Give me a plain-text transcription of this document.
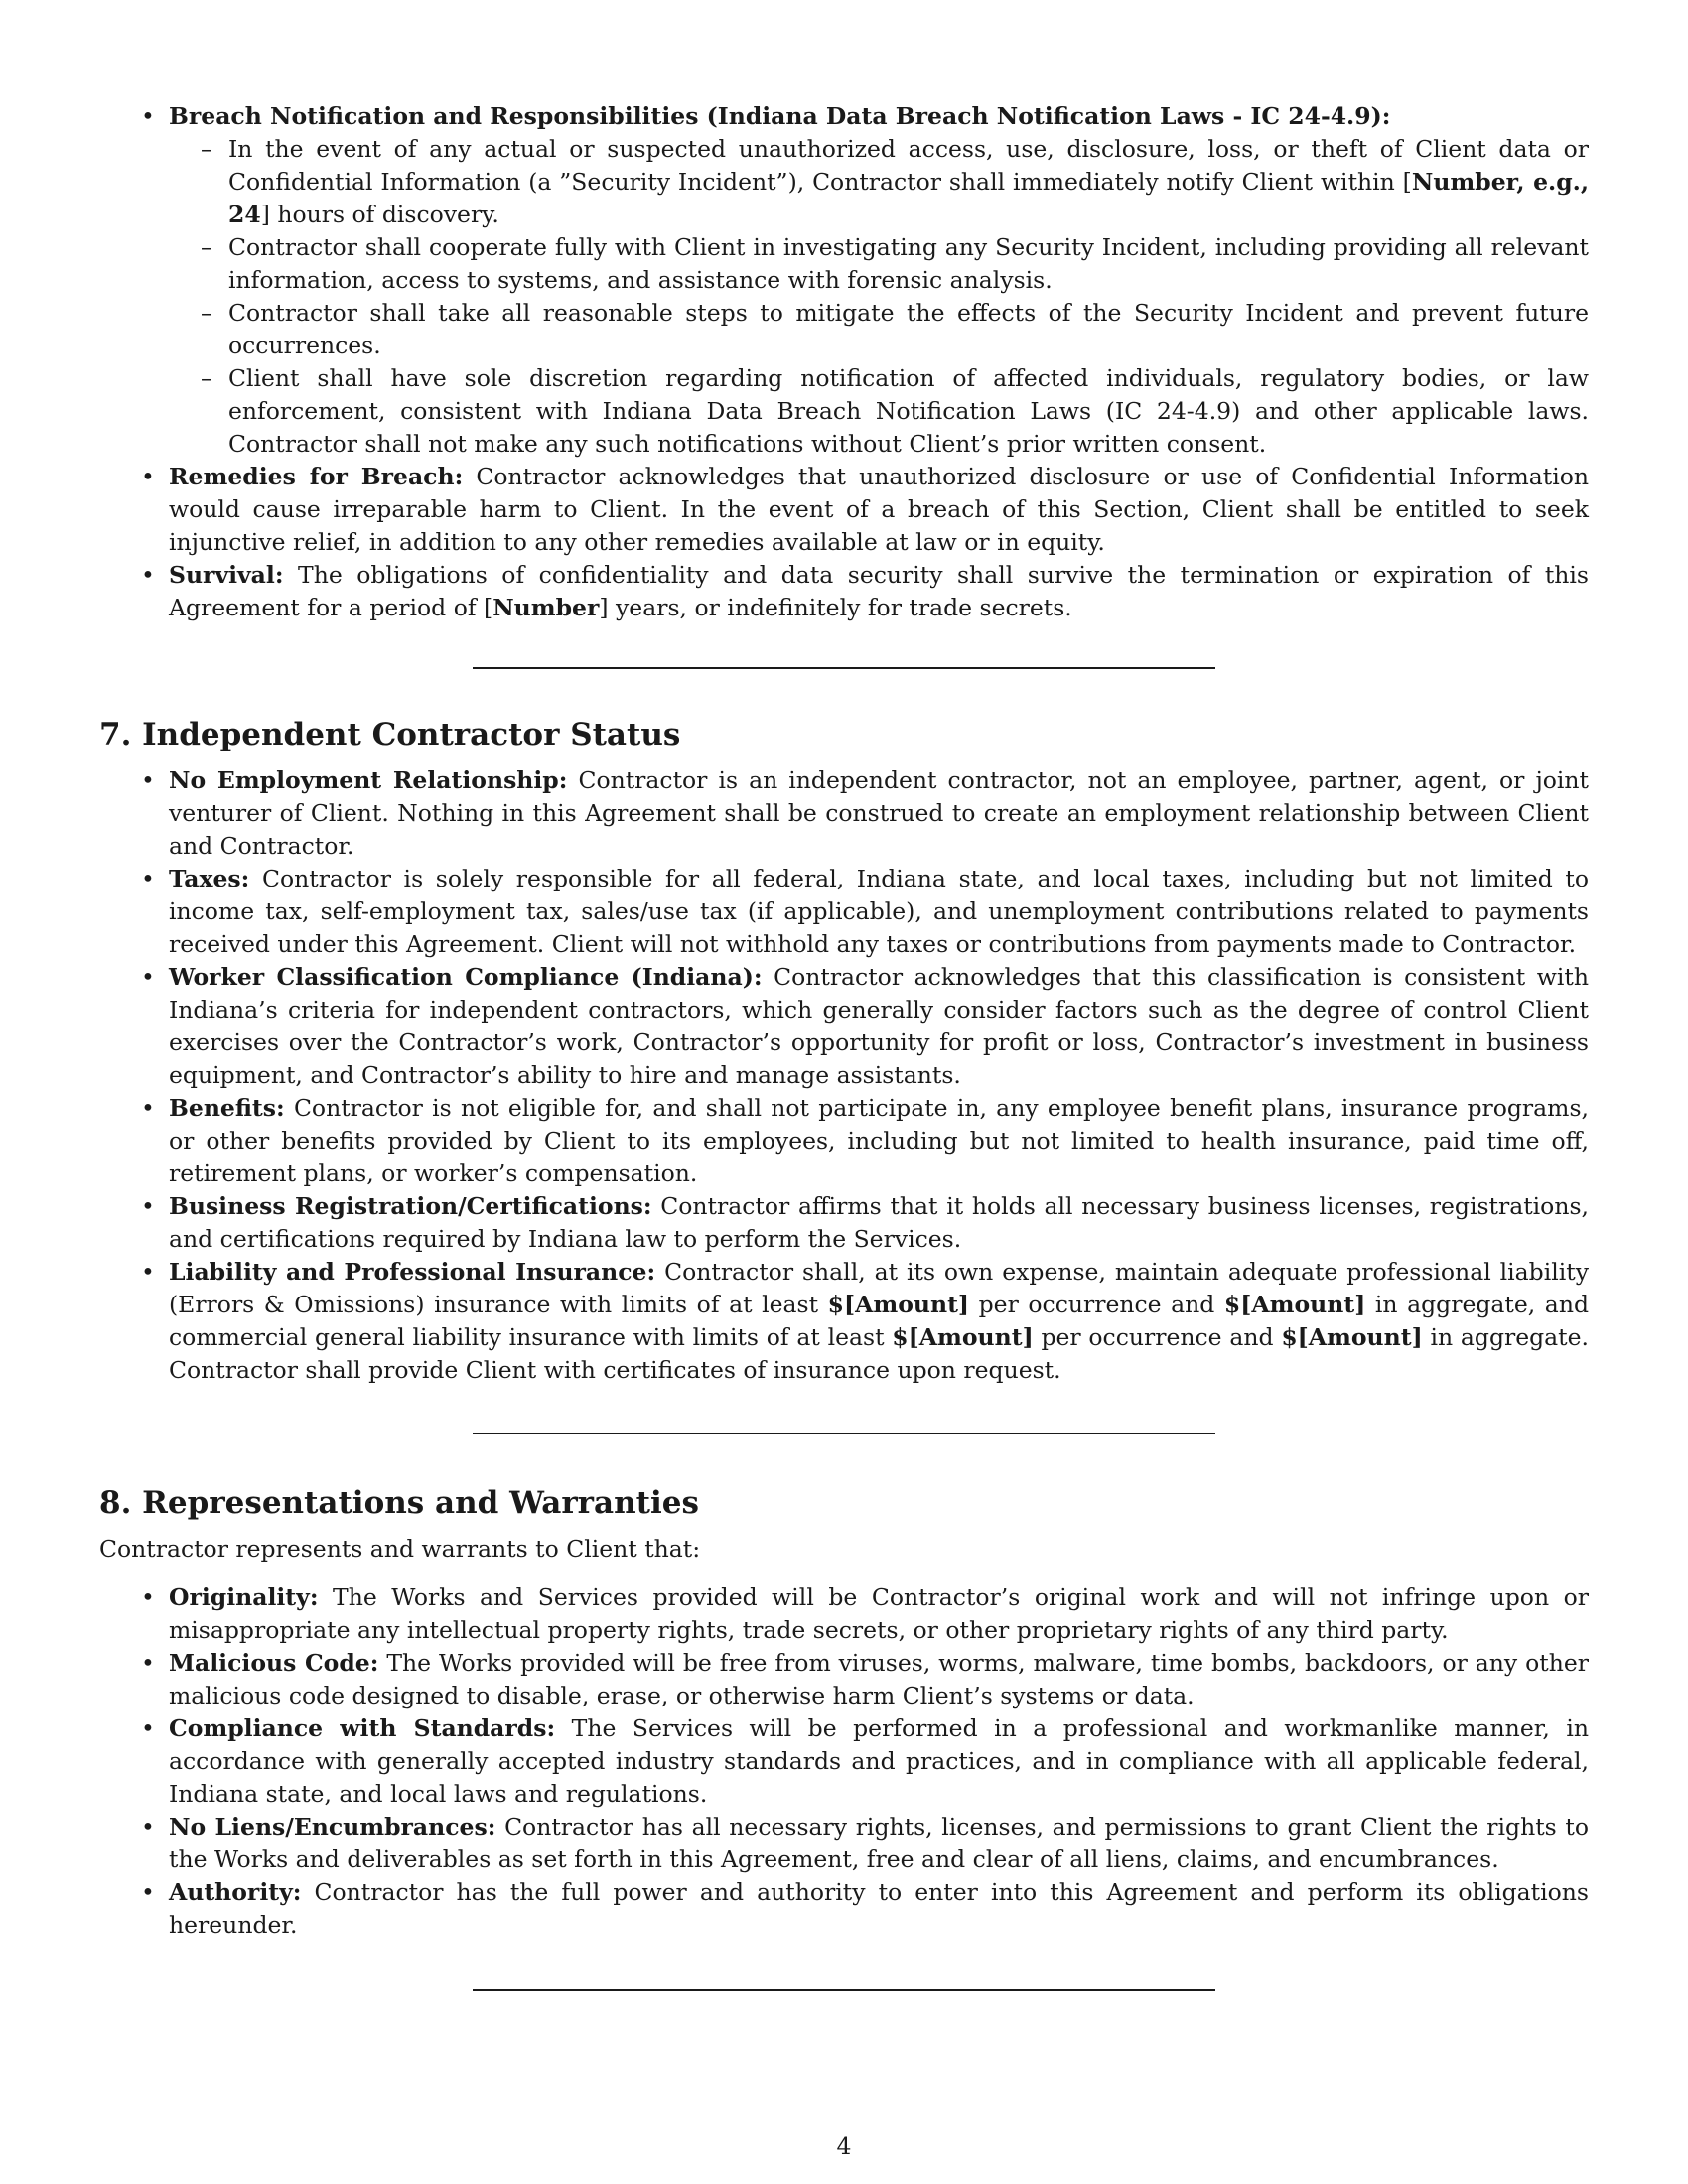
• Breach Notification and Responsibilities (Indiana Data Breach Notification Laws - IC 24-4.9):
– In the event of any actual or suspected unauthorized access, use, disclosure, loss, or theft of Client data or Confidential Information (a ”Security Incident”), Contractor shall immediately notify Client within [Number, e.g., 24] hours of discovery.
– Contractor shall cooperate fully with Client in investigating any Security Incident, including providing all relevant information, access to systems, and assistance with forensic analysis.
– Contractor shall take all reasonable steps to mitigate the effects of the Security Incident and prevent future occurrences.
– Client shall have sole discretion regarding notification of affected individuals, regulatory bodies, or law enforcement, consistent with Indiana Data Breach Notification Laws (IC 24-4.9) and other applicable laws. Contractor shall not make any such notifications without Client’s prior written consent.
• Remedies for Breach: Contractor acknowledges that unauthorized disclosure or use of Confidential Information would cause irreparable harm to Client. In the event of a breach of this Section, Client shall be entitled to seek injunctive relief, in addition to any other remedies available at law or in equity.
• Survival: The obligations of confidentiality and data security shall survive the termination or expiration of this Agreement for a period of [Number] years, or indefinitely for trade secrets.
7. Independent Contractor Status
• No Employment Relationship: Contractor is an independent contractor, not an employee, partner, agent, or joint venturer of Client. Nothing in this Agreement shall be construed to create an employment relationship between Client and Contractor.
• Taxes: Contractor is solely responsible for all federal, Indiana state, and local taxes, including but not limited to income tax, self-employment tax, sales/use tax (if applicable), and unemployment contributions related to payments received under this Agreement. Client will not withhold any taxes or contributions from payments made to Contractor.
• Worker Classification Compliance (Indiana): Contractor acknowledges that this classification is consistent with Indiana’s criteria for independent contractors, which generally consider factors such as the degree of control Client exercises over the Contractor’s work, Contractor’s opportunity for profit or loss, Contractor’s investment in business equipment, and Contractor’s ability to hire and manage assistants.
• Benefits: Contractor is not eligible for, and shall not participate in, any employee benefit plans, insurance programs, or other benefits provided by Client to its employees, including but not limited to health insurance, paid time off, retirement plans, or worker’s compensation.
• Business Registration/Certifications: Contractor affirms that it holds all necessary business licenses, registrations, and certifications required by Indiana law to perform the Services.
• Liability and Professional Insurance: Contractor shall, at its own expense, maintain adequate professional liability (Errors & Omissions) insurance with limits of at least $[Amount] per occurrence and $[Amount] in aggregate, and commercial general liability insurance with limits of at least $[Amount] per occurrence and $[Amount] in aggregate. Contractor shall provide Client with certificates of insurance upon request.
8. Representations and Warranties

Contractor represents and warrants to Client that:

• Originality: The Works and Services provided will be Contractor’s original work and will not infringe upon or misappropriate any intellectual property rights, trade secrets, or other proprietary rights of any third party.
• Malicious Code: The Works provided will be free from viruses, worms, malware, time bombs, backdoors, or any other malicious code designed to disable, erase, or otherwise harm Client’s systems or data.
• Compliance with Standards: The Services will be performed in a professional and workmanlike manner, in accordance with generally accepted industry standards and practices, and in compliance with all applicable federal, Indiana state, and local laws and regulations.
• No Liens/Encumbrances: Contractor has all necessary rights, licenses, and permissions to grant Client the rights to the Works and deliverables as set forth in this Agreement, free and clear of all liens, claims, and encumbrances.
• Authority: Contractor has the full power and authority to enter into this Agreement and perform its obligations hereunder.
4
